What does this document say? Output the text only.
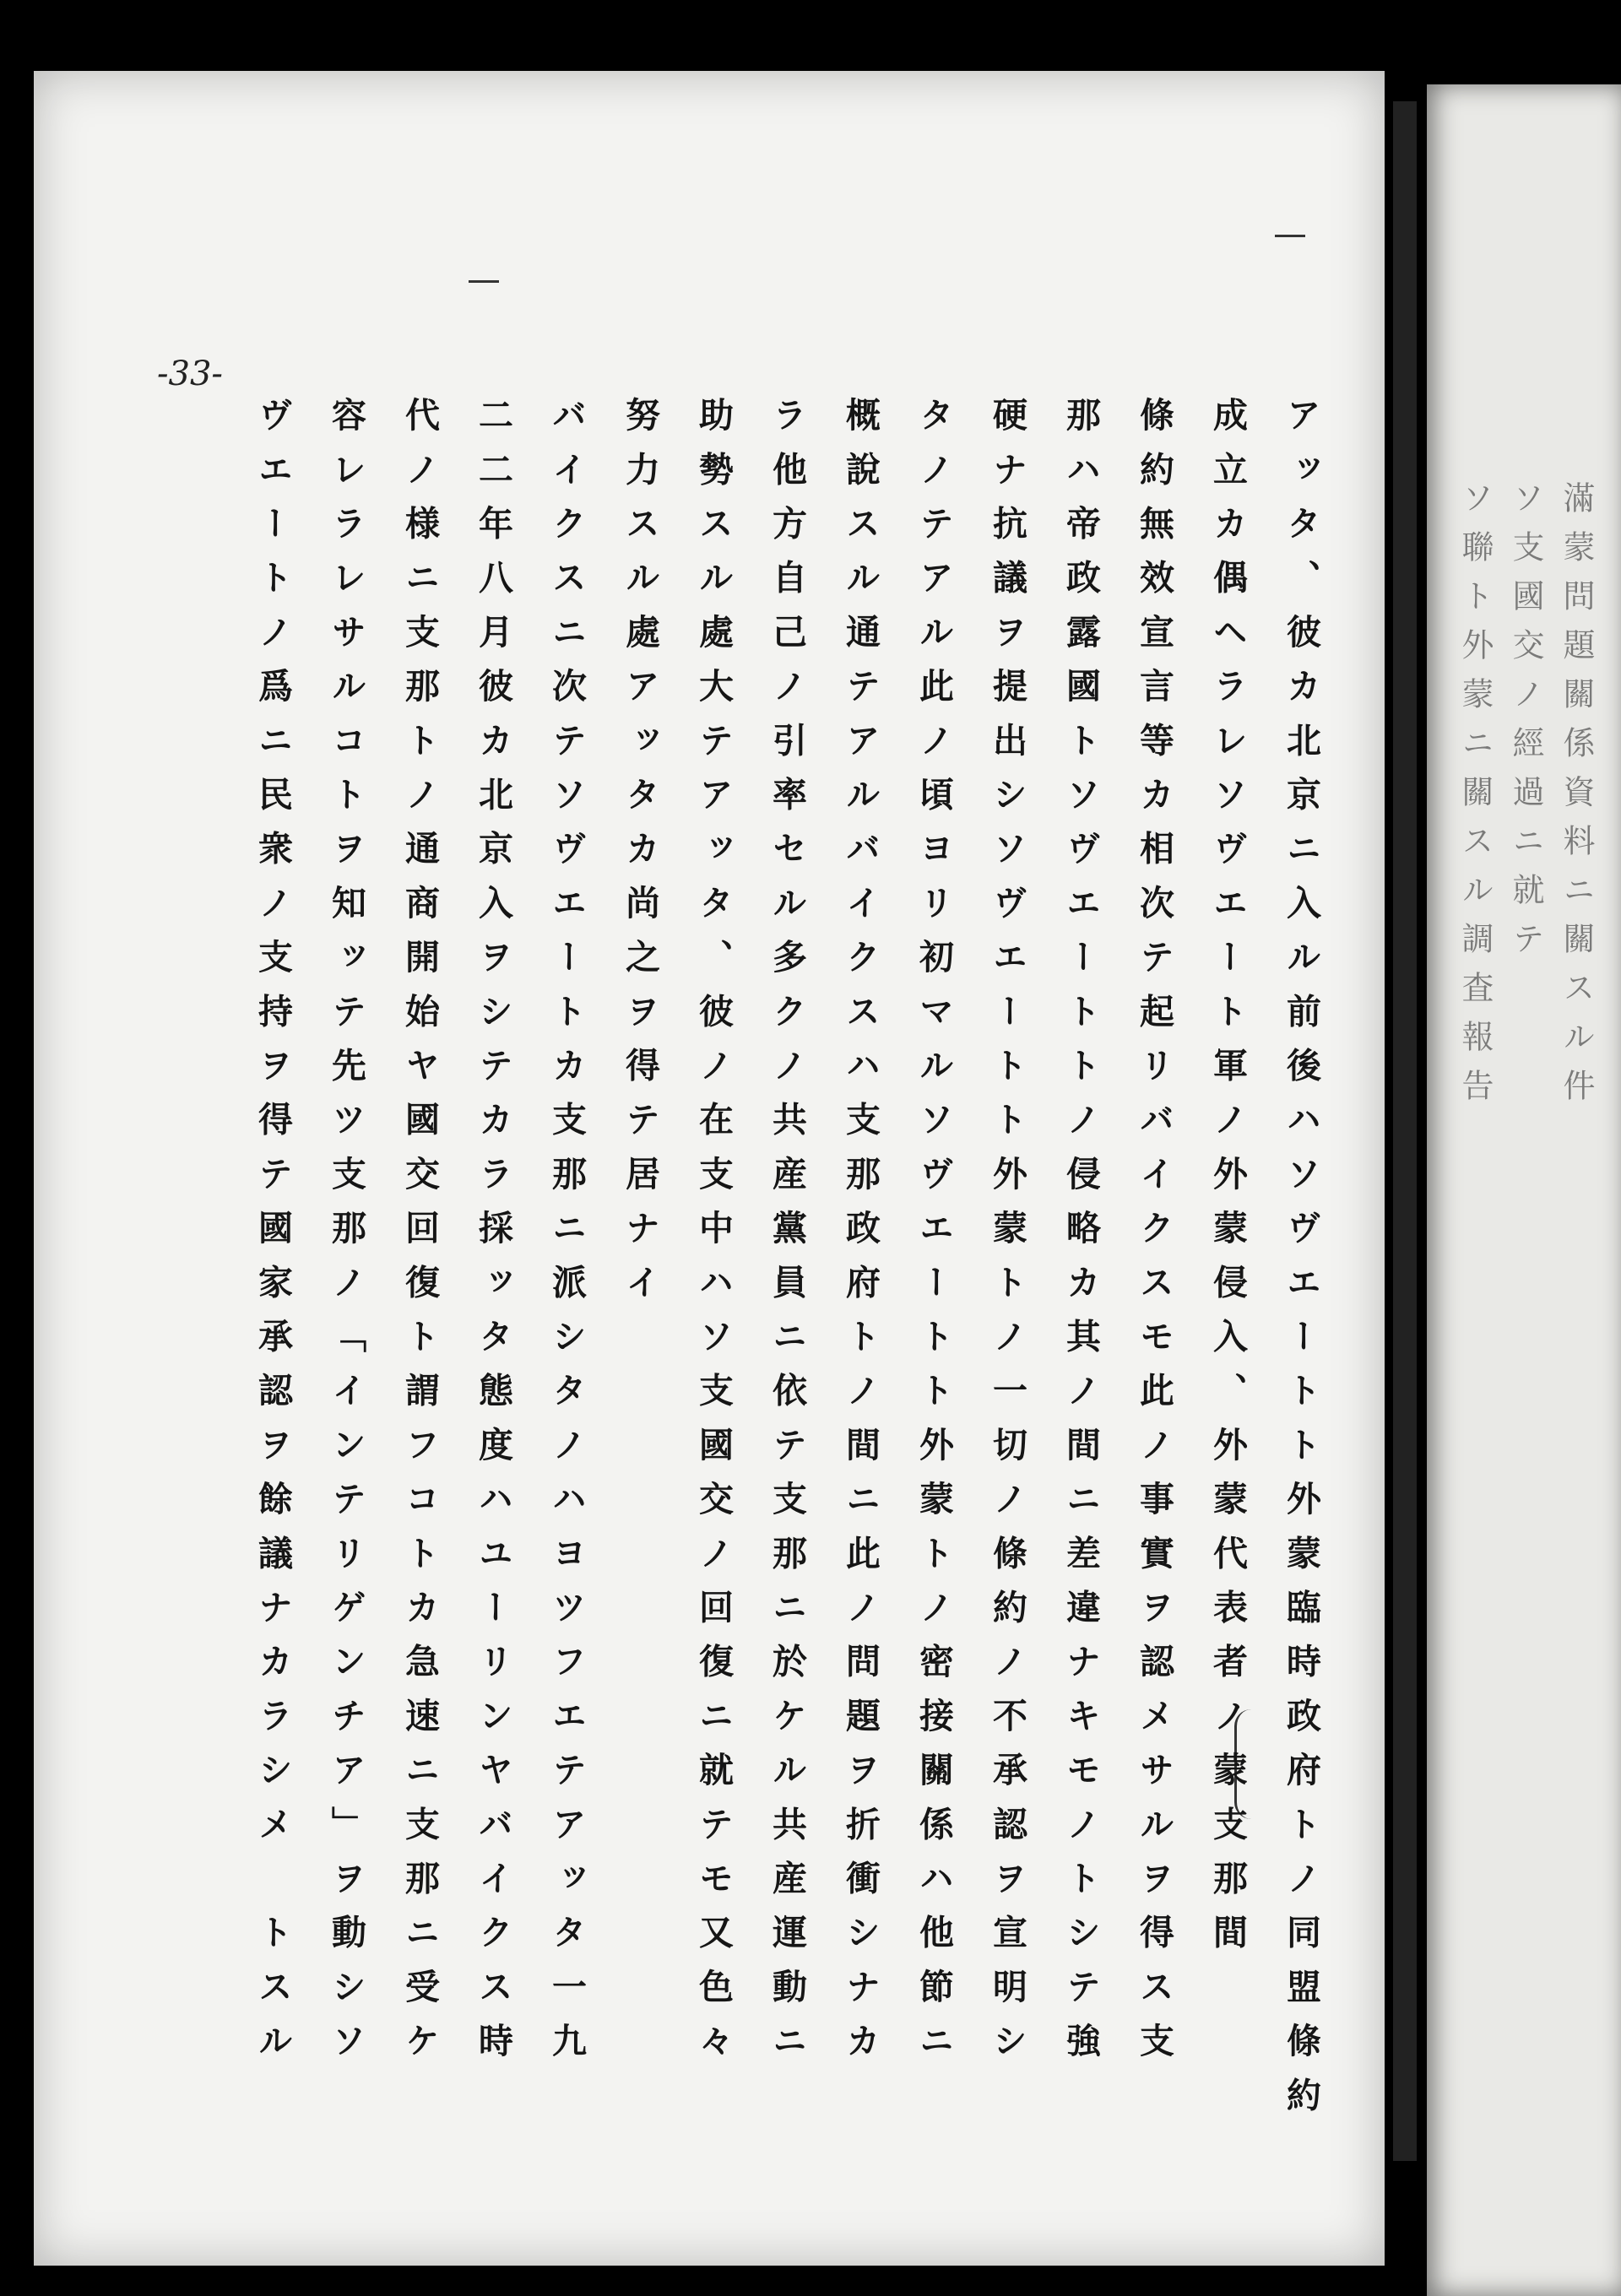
滿蒙問題關係資料ニ關スル件
ソ支國交ノ經過ニ就テ
ソ聯ト外蒙ニ關スル調査報告
-33-
アッタ、彼カ北京ニ入ル前後ハソヴエートト外蒙臨時政府トノ同盟條約
成立カ偶ヘラレソヴエート軍ノ外蒙侵入、外蒙代表者ノ蒙支那間
條約無效宣言等カ相次テ起リバイクスモ此ノ事實ヲ認メサルヲ得ス支
那ハ帝政露國トソヴエートトノ侵略カ其ノ間ニ差違ナキモノトシテ強
硬ナ抗議ヲ提出シソヴエートト外蒙トノ一切ノ條約ノ不承認ヲ宣明シ
タノテアル此ノ頃ヨリ初マルソヴエートト外蒙トノ密接關係ハ他節ニ
概說スル通テアルバイクスハ支那政府トノ間ニ此ノ問題ヲ折衝シナカ
ラ他方自己ノ引率セル多クノ共産黨員ニ依テ支那ニ於ケル共産運動ニ
助勢スル處大テアッタ、彼ノ在支中ハソ支國交ノ回復ニ就テモ又色々
努力スル處アッタカ尚之ヲ得テ居ナイ
バイクスニ次テソヴエートカ支那ニ派シタノハヨツフエテアッタ一九
二二年八月彼カ北京入ヲシテカラ採ッタ態度ハユーリンヤバイクス時
代ノ様ニ支那トノ通商開始ヤ國交回復ト謂フコトカ急速ニ支那ニ受ケ
容レラレサルコトヲ知ッテ先ツ支那ノ「インテリゲンチア」ヲ動シソ
ヴエートノ爲ニ民衆ノ支持ヲ得テ國家承認ヲ餘議ナカラシメ　トスル
